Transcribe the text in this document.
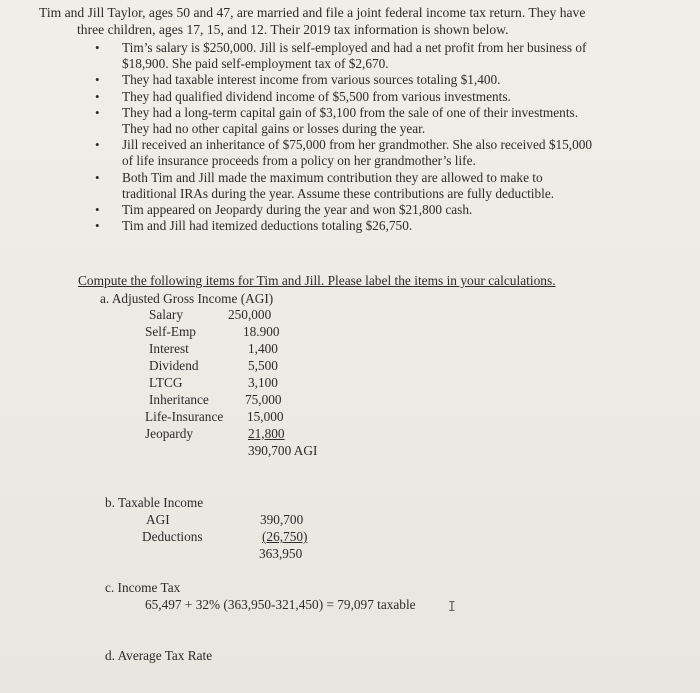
Tim and Jill Taylor, ages 50 and 47, are married and file a joint federal income tax return. They have
three children, ages 17, 15, and 12. Their 2019 tax information is shown below.
• Tim’s salary is $250,000. Jill is self-employed and had a net profit from her business of
$18,900. She paid self-employment tax of $2,670.
• They had taxable interest income from various sources totaling $1,400.
• They had qualified dividend income of $5,500 from various investments.
• They had a long-term capital gain of $3,100 from the sale of one of their investments.
They had no other capital gains or losses during the year.
• Jill received an inheritance of $75,000 from her grandmother. She also received $15,000
of life insurance proceeds from a policy on her grandmother’s life.
• Both Tim and Jill made the maximum contribution they are allowed to make to
traditional IRAs during the year. Assume these contributions are fully deductible.
• Tim appeared on Jeopardy during the year and won $21,800 cash.
• Tim and Jill had itemized deductions totaling $26,750.
Compute the following items for Tim and Jill. Please label the items in your calculations.
a. Adjusted Gross Income (AGI)
Salary	250,000
Self-Emp	18.900
Interest	1,400
Dividend	5,500
LTCG	3,100
Inheritance	75,000
Life-Insurance 15,000
Jeopardy	21,800
390,700 AGI
b. Taxable Income
AGI	390,700
Deductions	(26,750)
363,950
c. Income Tax
65,497 + 32% (363,950-321,450) = 79,097 taxable I
d. Average Tax Rate
